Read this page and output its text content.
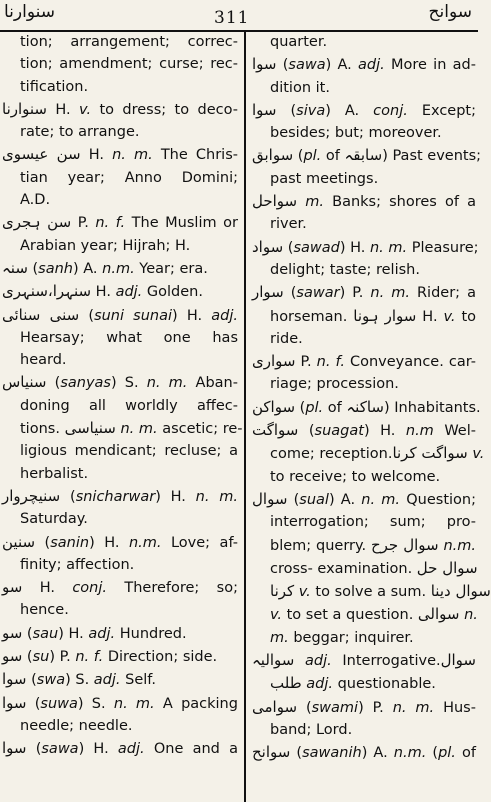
سنوارنا	311	سوانح
tion; arrangement; correc-
tion; amendment; curse; rec-
tification.
سنوارنا H. v. to dress; to deco-
rate; to arrange.
سن عیسوی H. n. m. The Chris-
tian year; Anno Domini;
A.D.
سن ہجری P. n. f. The Muslim or
Arabian year; Hijrah; H.
سنہ (sanh) A. n.m. Year; era.
سنہرا،سنہری H. adj. Golden.
سنی سنائی (suni sunai) H. adj.
Hearsay; what one has
heard.
سنیاس (sanyas) S. n. m. Aban-
doning all worldly affec-
tions. سنیاسی n. m. ascetic; re-
ligious mendicant; recluse; a
herbalist.
سنیچروار (snicharwar) H. n. m.
Saturday.
سنین (sanin) H. n.m. Love; af-
finity; affection.
سو H. conj. Therefore; so;
hence.
سو (sau) H. adj. Hundred.
سو (su) P. n. f. Direction; side.
سوا (swa) S. adj. Self.
سوا (suwa) S. n. m. A packing
needle; needle.
سوا (sawa) H. adj. One and a
quarter.
سوا (sawa) A. adj. More in ad-
dition it.
سوا (siva) A. conj. Except;
besides; but; moreover.
سوابق (pl. of سابقہ) Past events;
past meetings.
سواحل m. Banks; shores of a
river.
سواد (sawad) H. n. m. Pleasure;
delight; taste; relish.
سوار (sawar) P. n. m. Rider; a
horseman. سوار ہونا H. v. to
ride.
سواری P. n. f. Conveyance. car-
riage; procession.
سواکن (pl. of ساکنہ) Inhabitants.
سواگت (suagat) H. n.m Wel-
come; reception.سواگت کرنا v.
to receive; to welcome.
سوال (sual) A. n. m. Question;
interrogation; sum; pro-
blem; querry. سوال جرح n.m.
cross- examination. سوال حل
کرنا v. to solve a sum. سوال دینا
v. to set a question. سوالی n.
m. beggar; inquirer.
سوالیہ adj. Interrogative.سوال
طلب adj. questionable.
سوامی (swami) P. n. m. Hus-
band; Lord.
سوانح (sawanih) A. n.m. (pl. of
